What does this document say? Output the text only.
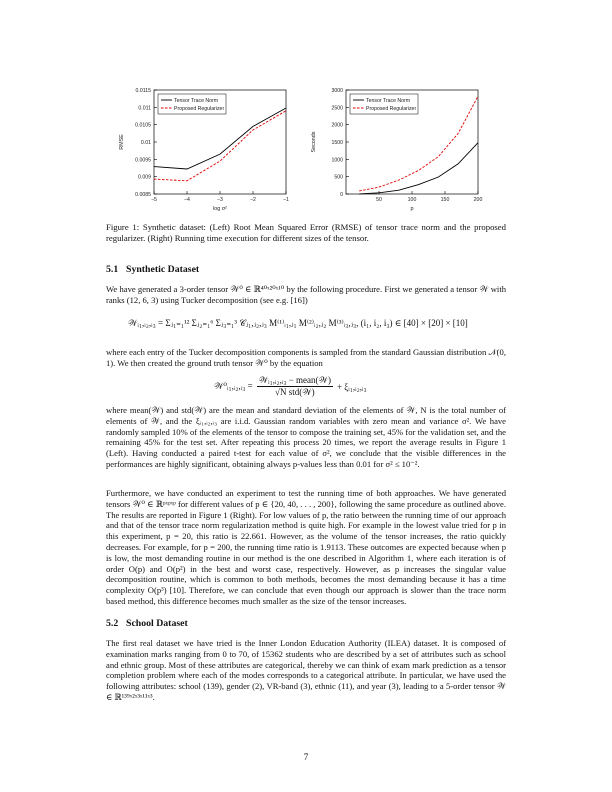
0.0085
0.009
0.0095
0.01
0.0105
0.011
0.0115
−5	−4	−3	−2	−1
log σ²
RMSE
Tensor Trace Norm
Proposed Regularizer
0
500
1000
1500
2000
2500
3000
50	100	150	200
p
Seconds
Tensor Trace Norm
Proposed Regularizer
Figure 1: Synthetic dataset: (Left) Root Mean Squared Error (RMSE) of tensor trace norm and the proposed regularizer. (Right) Running time execution for different sizes of the tensor.
5.1 Synthetic Dataset
We have generated a 3-order tensor 𝒲⁰ ∈ ℝ⁴⁰ˣ²⁰ˣ¹⁰ by the following procedure. First we generated a tensor 𝒲 with ranks (12, 6, 3) using Tucker decomposition (see e.g. [16])
𝒲ᵢ₁,ᵢ₂,ᵢ₃ = Σⱼ₁₌₁¹² Σⱼ₂₌₁⁶ Σⱼ₃₌₁³ 𝒞ⱼ₁,ⱼ₂,ⱼ₃ M⁽¹⁾ᵢ₁,ⱼ₁ M⁽²⁾ᵢ₂,ⱼ₂ M⁽³⁾ᵢ₃,ⱼ₃, (i₁, i₂, i₃) ∈ [40] × [20] × [10]
where each entry of the Tucker decomposition components is sampled from the standard Gaussian distribution 𝒩(0, 1). We then created the ground truth tensor 𝒲⁰ by the equation
𝒲⁰ᵢ₁,ᵢ₂,ᵢ₃ =
𝒲ᵢ₁,ᵢ₂,ᵢ₃ − mean(𝒲)
√N std(𝒲)
+ ξᵢ₁,ᵢ₂,ᵢ₃
where mean(𝒲) and std(𝒲) are the mean and standard deviation of the elements of 𝒲, N is the total number of elements of 𝒲, and the ξᵢ₁,ᵢ₂,ᵢ₃ are i.i.d. Gaussian random variables with zero mean and variance σ². We have randomly sampled 10% of the elements of the tensor to compose the training set, 45% for the validation set, and the remaining 45% for the test set. After repeating this process 20 times, we report the average results in Figure 1 (Left). Having conducted a paired t-test for each value of σ², we conclude that the visible differences in the performances are highly significant, obtaining always p-values less than 0.01 for σ² ≤ 10⁻².
Furthermore, we have conducted an experiment to test the running time of both approaches. We have generated tensors 𝒲⁰ ∈ ℝᵖˣᵖˣᵖ for different values of p ∈ {20, 40, . . . , 200}, following the same procedure as outlined above. The results are reported in Figure 1 (Right). For low values of p, the ratio between the running time of our approach and that of the tensor trace norm regularization method is quite high. For example in the lowest value tried for p in this experiment, p = 20, this ratio is 22.661. However, as the volume of the tensor increases, the ratio quickly decreases. For example, for p = 200, the running time ratio is 1.9113. These outcomes are expected because when p is low, the most demanding routine in our method is the one described in Algorithm 1, where each iteration is of order O(p) and O(p²) in the best and worst case, respectively. However, as p increases the singular value decomposition routine, which is common to both methods, becomes the most demanding because it has a time complexity O(p³) [10]. Therefore, we can conclude that even though our approach is slower than the trace norm based method, this difference becomes much smaller as the size of the tensor increases.
5.2 School Dataset
The first real dataset we have tried is the Inner London Education Authority (ILEA) dataset. It is composed of examination marks ranging from 0 to 70, of 15362 students who are described by a set of attributes such as school and ethnic group. Most of these attributes are categorical, thereby we can think of exam mark prediction as a tensor completion problem where each of the modes corresponds to a categorical attribute. In particular, we have used the following attributes: school (139), gender (2), VR-band (3), ethnic (11), and year (3), leading to a 5-order tensor 𝒲 ∈ ℝ¹³⁹ˣ²ˣ³ˣ¹¹ˣ³.
7
